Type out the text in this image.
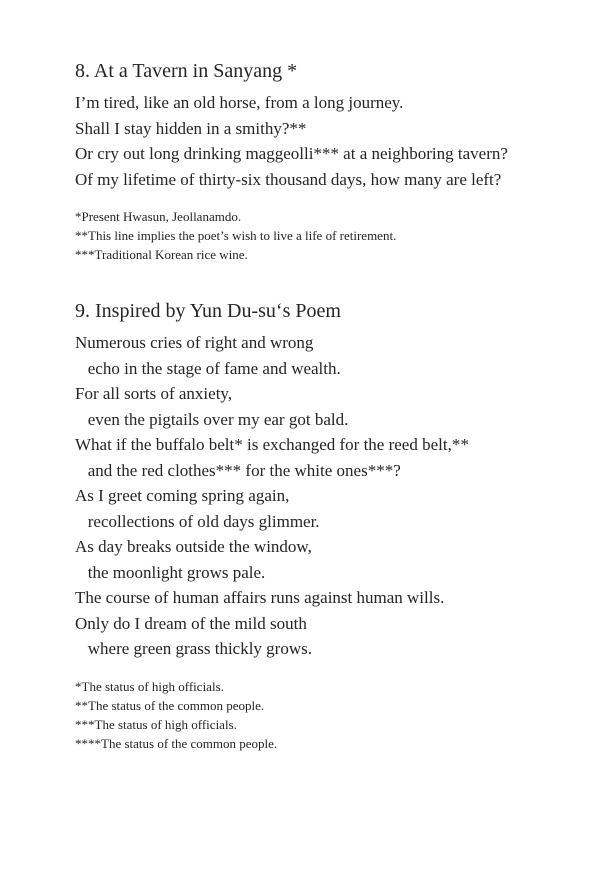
8. At a Tavern in Sanyang *
I’m tired, like an old horse, from a long journey.
Shall I stay hidden in a smithy?**
Or cry out long drinking maggeolli*** at a neighboring tavern?
Of my lifetime of thirty-six thousand days, how many are left?
*Present Hwasun, Jeollanamdo.
**This line implies the poet’s wish to live a life of retirement.
***Traditional Korean rice wine.
9. Inspired by Yun Du-su‘s Poem
Numerous cries of right and wrong
echo in the stage of fame and wealth.
For all sorts of anxiety,
even the pigtails over my ear got bald.
What if the buffalo belt* is exchanged for the reed belt,**
and the red clothes*** for the white ones***?
As I greet coming spring again,
recollections of old days glimmer.
As day breaks outside the window,
the moonlight grows pale.
The course of human affairs runs against human wills.
Only do I dream of the mild south
where green grass thickly grows.
*The status of high officials.
**The status of the common people.
***The status of high officials.
****The status of the common people.
